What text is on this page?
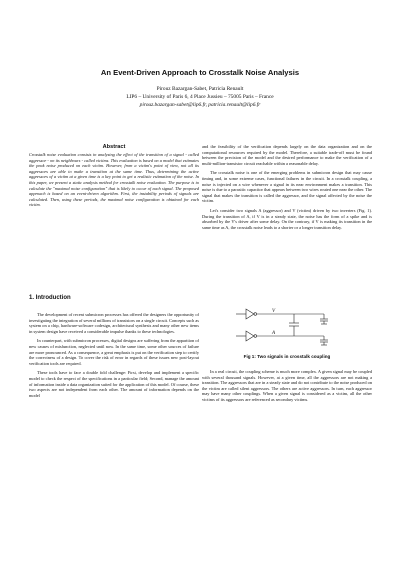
An Event-Driven Approach to Crosstalk Noise Analysis
Pirouz Bazargan-Sabet, Patricia Renault
LIP6 – University of Paris 6, 4 Place Jussieu – 75005 Paris – France
pirouz.bazargan-sabet@lip6.fr, patricia.renault@lip6.fr
Abstract
Crosstalk noise evaluation consists in analysing the effect of the transition of a signal - called aggressor - on its neighbours - called victims. This evaluation is based on a model that estimates the peak noise produced on each victim. However, from a victim's point of view, not all its aggressors are able to make a transition at the same time. Thus, determining the active aggressors of a victim at a given time is a key point to get a realistic estimation of the noise. In this paper, we present a static analysis method for crosstalk noise evaluation. The purpose is to calculate the "maximal noise configuration" that is likely to occur of each signal. The proposed approach is based on an event-driven algorithm. First, the instability periods of signals are calculated. Then, using these periods, the maximal noise configuration is obtained for each victim.
1. Introduction

The development of recent submicron processes has offered the designers the opportunity of investigating the integration of several millions of transistors on a single circuit. Concepts such as system on a chip, hardware-software codesign, architectural synthesis and many other new items in system design have received a considerable impulse thanks to these technologies.

In counterpart, with submicron processes, digital designs are suffering from the apparition of new causes of misfunction, neglected until now. In the same time, some other sources of failure are more pronounced. As a consequence, a great emphasis is put on the verification step to certify the correctness of a design. To cover the risk of error in regards of these issues new post-layout verification tools are required.

These tools have to face a double fold challenge: First, develop and implement a specific model to check the respect of the specifications in a particular field; Second, manage the amount of information inside a data organization suited for the application of this model. Of course, these two aspects are not independent from each other. The amount of information depends on the model

and the feasibility of the verification depends largely on the data organization and on the computational resources required by the model. Therefore, a suitable trade-off must be found between the precision of the model and the desired performance to make the verification of a multi-million-transistor circuit reachable within a reasonable delay.

The crosstalk noise is one of the emerging problems in submicron design that may cause timing and, in some extreme cases, functional failures in the circuit. In a crosstalk coupling, a noise is injected on a wire whenever a signal in its near environment makes a transition. This noise is due to a parasitic capacitor that appears between two wires routed one near the other. The signal that makes the transition is called the aggressor, and the signal affected by the noise the victim.

Let's consider two signals A (aggressor) and V (victim) driven by two inverters (Fig. 1). During the transition of A, if V is in a steady state, the noise has the form of a spike and is absorbed by the V's driver after some delay. On the contrary, if V is making its transition in the same time as A, the crosstalk noise leads to a shorter or a longer transition delay.

V
A
Fig 1: Two signals in crosstalk coupling

In a real circuit, the coupling scheme is much more complex. A given signal may be coupled with several thousand signals. However, at a given time, all the aggressors are not making a transition. The aggressors that are in a steady state and do not contribute to the noise produced on the victim are called silent aggressors. The others are active aggressors. In turn, each aggressor may have many other couplings. When a given signal is considered as a victim, all the other victims of its aggressors are referenced as secondary victims.
